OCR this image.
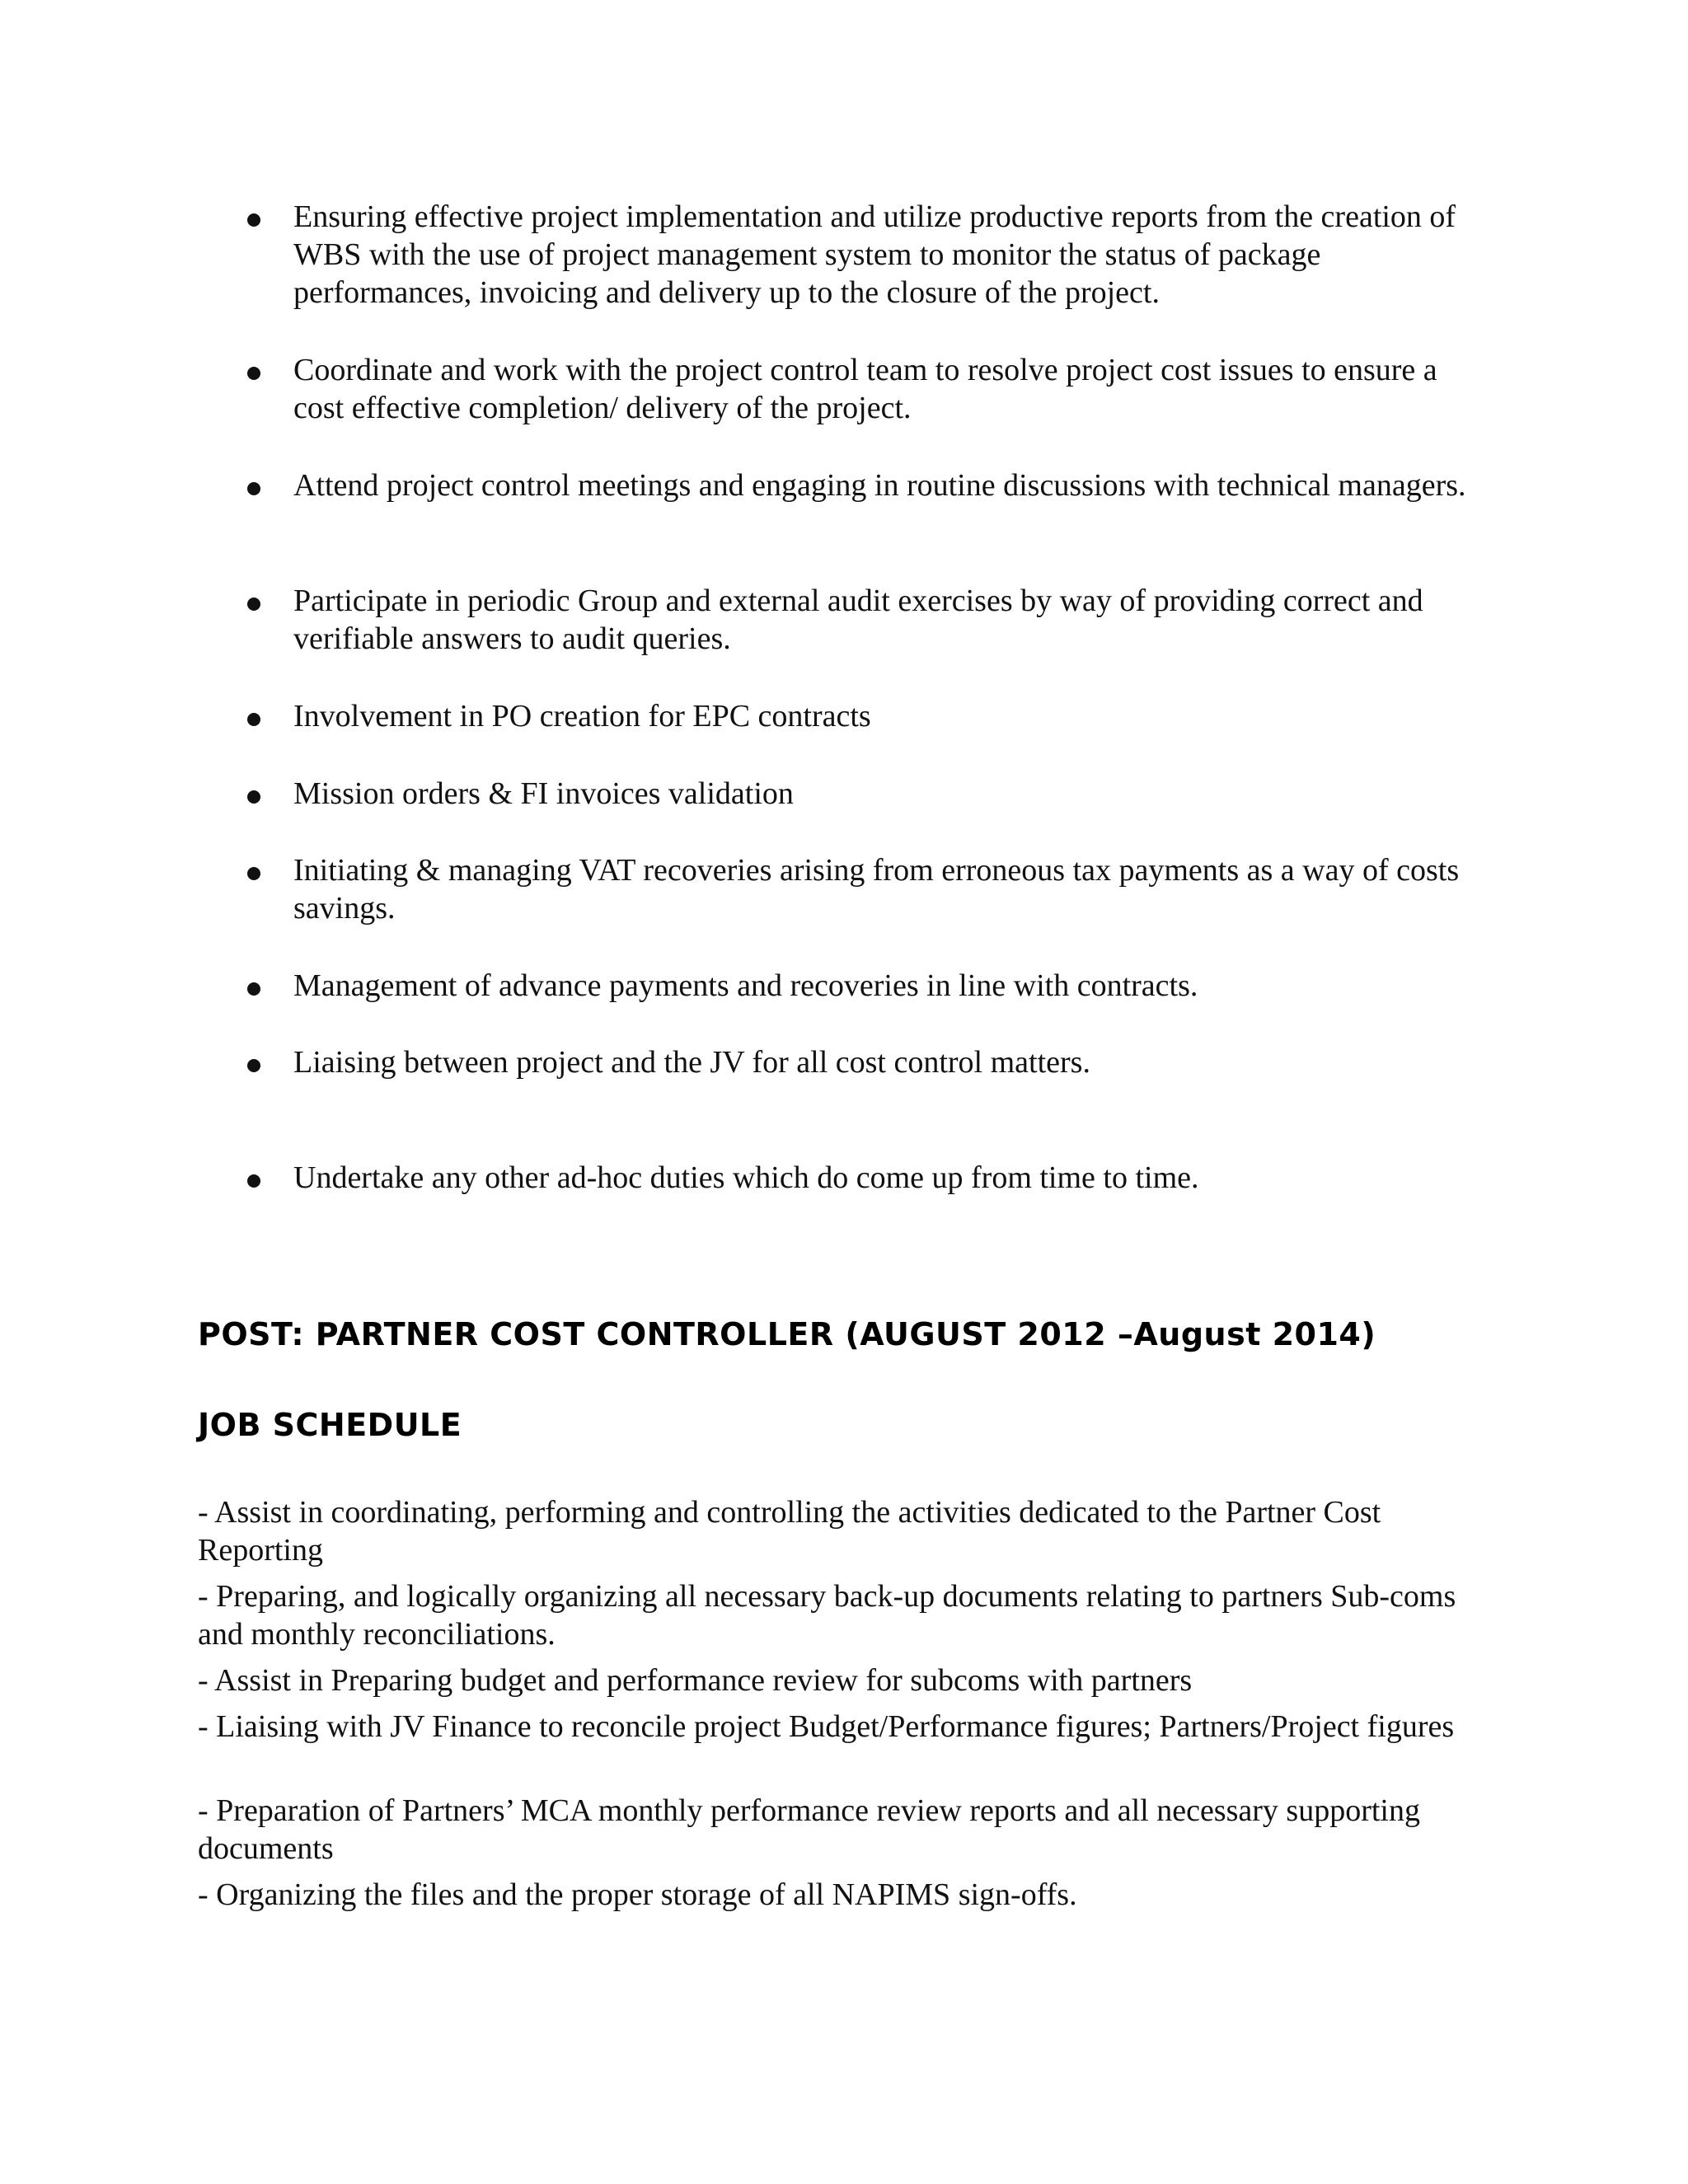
Ensuring effective project implementation and utilize productive reports from the creation of WBS with the use of project management system to monitor the status of package performances, invoicing and delivery up to the closure of the project.
Coordinate and work with the project control team to resolve project cost issues to ensure a cost effective completion/ delivery of the project.
Attend project control meetings and engaging in routine discussions with technical managers.
Participate in periodic Group and external audit exercises by way of providing correct and verifiable answers to audit queries.
Involvement in PO creation for EPC contracts
Mission orders & FI invoices validation
Initiating & managing VAT recoveries arising from erroneous tax payments as a way of costs savings.
Management of advance payments and recoveries in line with contracts.
Liaising between project and the JV for all cost control matters.
Undertake any other ad-hoc duties which do come up from time to time.
POST: PARTNER COST CONTROLLER (AUGUST 2012 –August 2014)
JOB SCHEDULE
- Assist in coordinating, performing and controlling the activities dedicated to the Partner Cost Reporting
- Preparing, and logically organizing all necessary back-up documents relating to partners Sub-coms and monthly reconciliations.
- Assist in Preparing budget and performance review for subcoms with partners
- Liaising with JV Finance to reconcile project Budget/Performance figures; Partners/Project figures
- Preparation of Partners’ MCA monthly performance review reports and all necessary supporting documents
- Organizing the files and the proper storage of all NAPIMS sign-offs.
